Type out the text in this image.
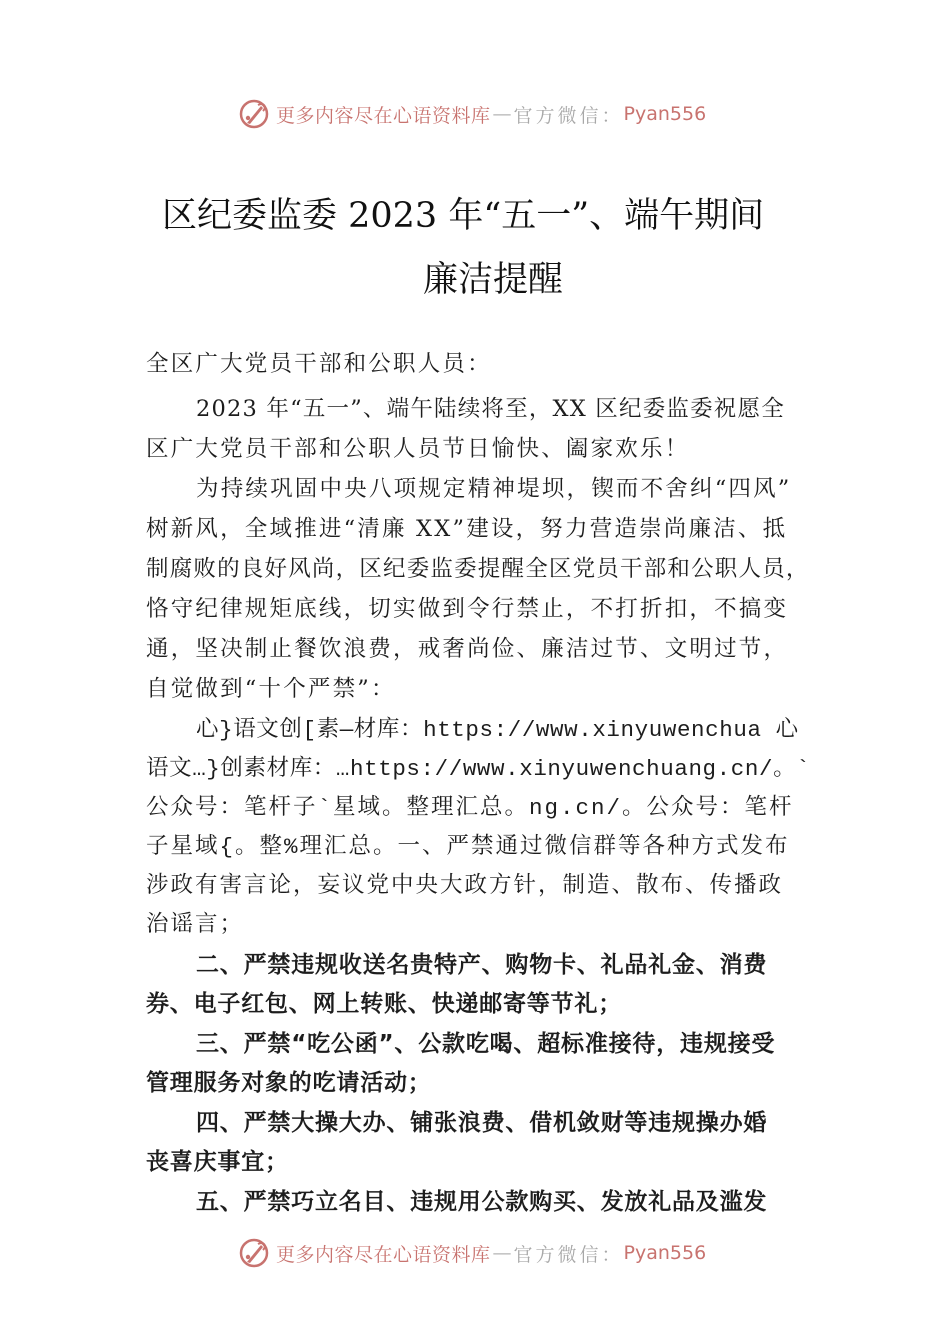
更多内容尽在心语资料库 — 官方微信： Pyan556
区纪委监委 2023 年“五一”、端午期间
廉洁提醒
全区广大党员干部和公职人员：
2023 年“五一”、端午陆续将至，XX 区纪委监委祝愿全
区广大党员干部和公职人员节日愉快、阖家欢乐！
为持续巩固中央八项规定精神堤坝，锲而不舍纠“四风”
树新风，全域推进“清廉 XX”建设，努力营造崇尚廉洁、抵
制腐败的良好风尚，区纪委监委提醒全区党员干部和公职人员，
恪守纪律规矩底线，切实做到令行禁止，不打折扣，不搞变
通，坚决制止餐饮浪费，戒奢尚俭、廉洁过节、文明过节，
自觉做到“十个严禁”：
心}语文创[素—材库：https://www.xinyuwenchua 心
语文…}创素材库：…https://www.xinyuwenchuang.cn/。`
公众号：笔杆子`星域。整理汇总。ng.cn/。公众号：笔杆
子星域{。整%理汇总。一、严禁通过微信群等各种方式发布
涉政有害言论，妄议党中央大政方针，制造、散布、传播政
治谣言；
二、严禁违规收送名贵特产、购物卡、礼品礼金、消费
券、电子红包、网上转账、快递邮寄等节礼；
三、严禁“吃公函”、公款吃喝、超标准接待，违规接受
管理服务对象的吃请活动；
四、严禁大操大办、铺张浪费、借机敛财等违规操办婚
丧喜庆事宜；
五、严禁巧立名目、违规用公款购买、发放礼品及滥发
更多内容尽在心语资料库 — 官方微信： Pyan556
